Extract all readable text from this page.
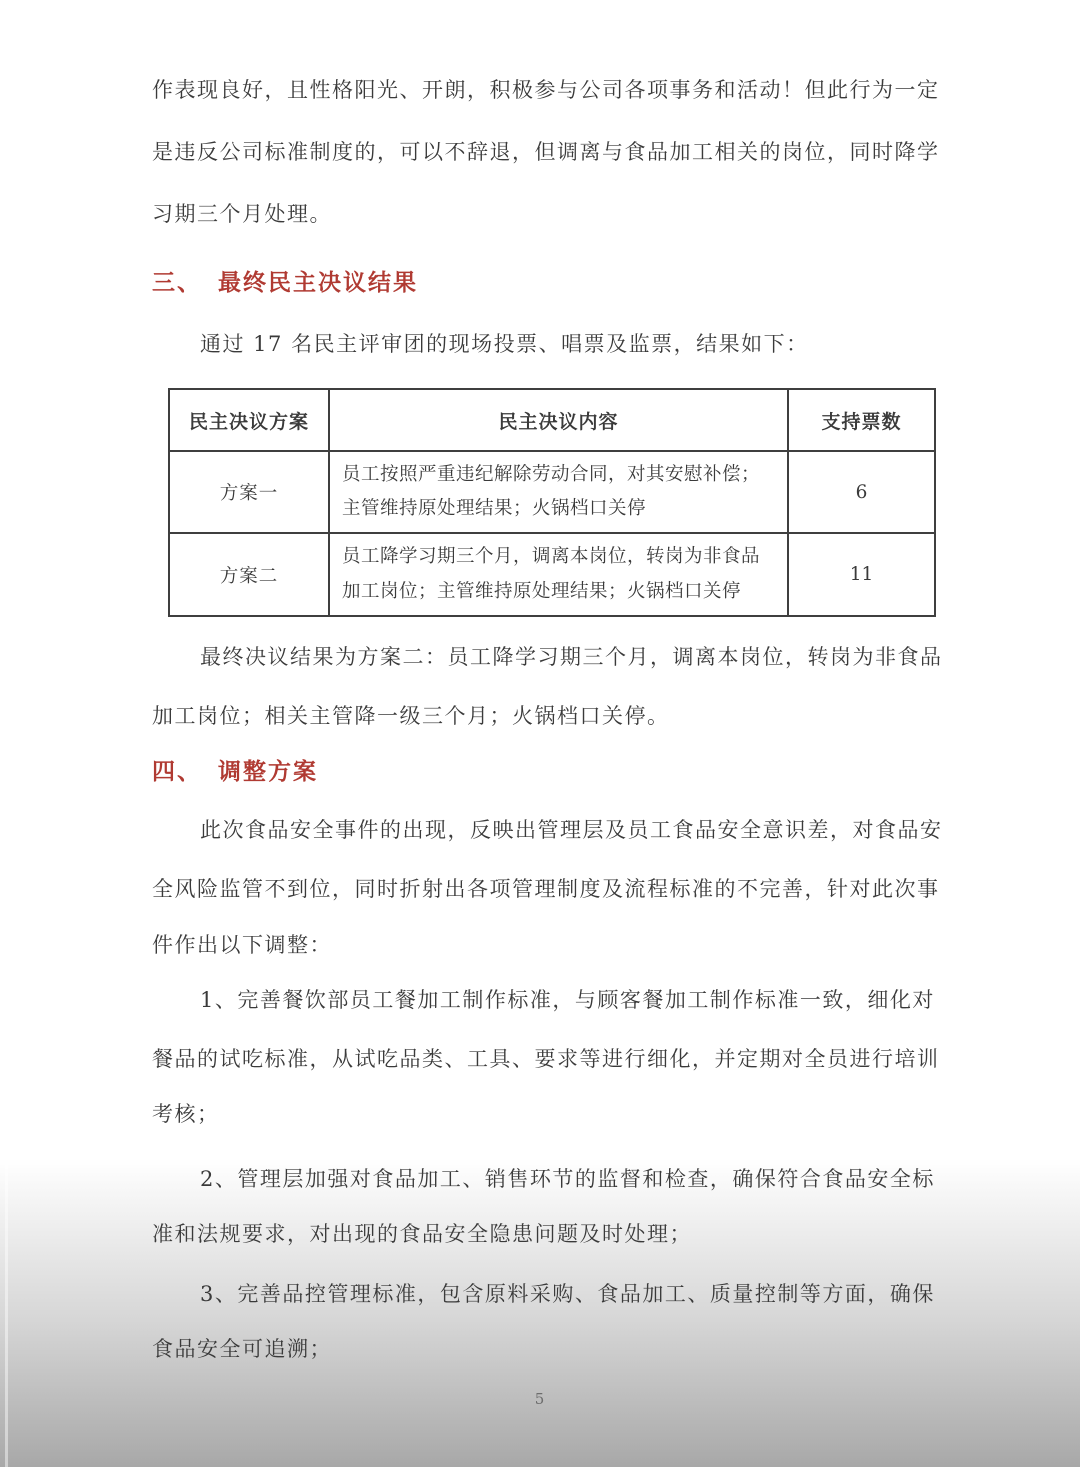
作表现良好，且性格阳光、开朗，积极参与公司各项事务和活动！但此行为一定
是违反公司标准制度的，可以不辞退，但调离与食品加工相关的岗位，同时降学
习期三个月处理。
三、 最终民主决议结果
通过 17 名民主评审团的现场投票、唱票及监票，结果如下：
民主决议方案	民主决议内容	支持票数
方案一	员工按照严重违纪解除劳动合同，对其安慰补偿；主管维持原处理结果；火锅档口关停	6
方案二	员工降学习期三个月，调离本岗位，转岗为非食品加工岗位；主管维持原处理结果；火锅档口关停	11
最终决议结果为方案二：员工降学习期三个月，调离本岗位，转岗为非食品
加工岗位；相关主管降一级三个月；火锅档口关停。
四、 调整方案
此次食品安全事件的出现，反映出管理层及员工食品安全意识差，对食品安
全风险监管不到位，同时折射出各项管理制度及流程标准的不完善，针对此次事
件作出以下调整：
1、完善餐饮部员工餐加工制作标准，与顾客餐加工制作标准一致，细化对
餐品的试吃标准，从试吃品类、工具、要求等进行细化，并定期对全员进行培训
考核；
2、管理层加强对食品加工、销售环节的监督和检查，确保符合食品安全标
准和法规要求，对出现的食品安全隐患问题及时处理；
3、完善品控管理标准，包含原料采购、食品加工、质量控制等方面，确保
食品安全可追溯；
5
